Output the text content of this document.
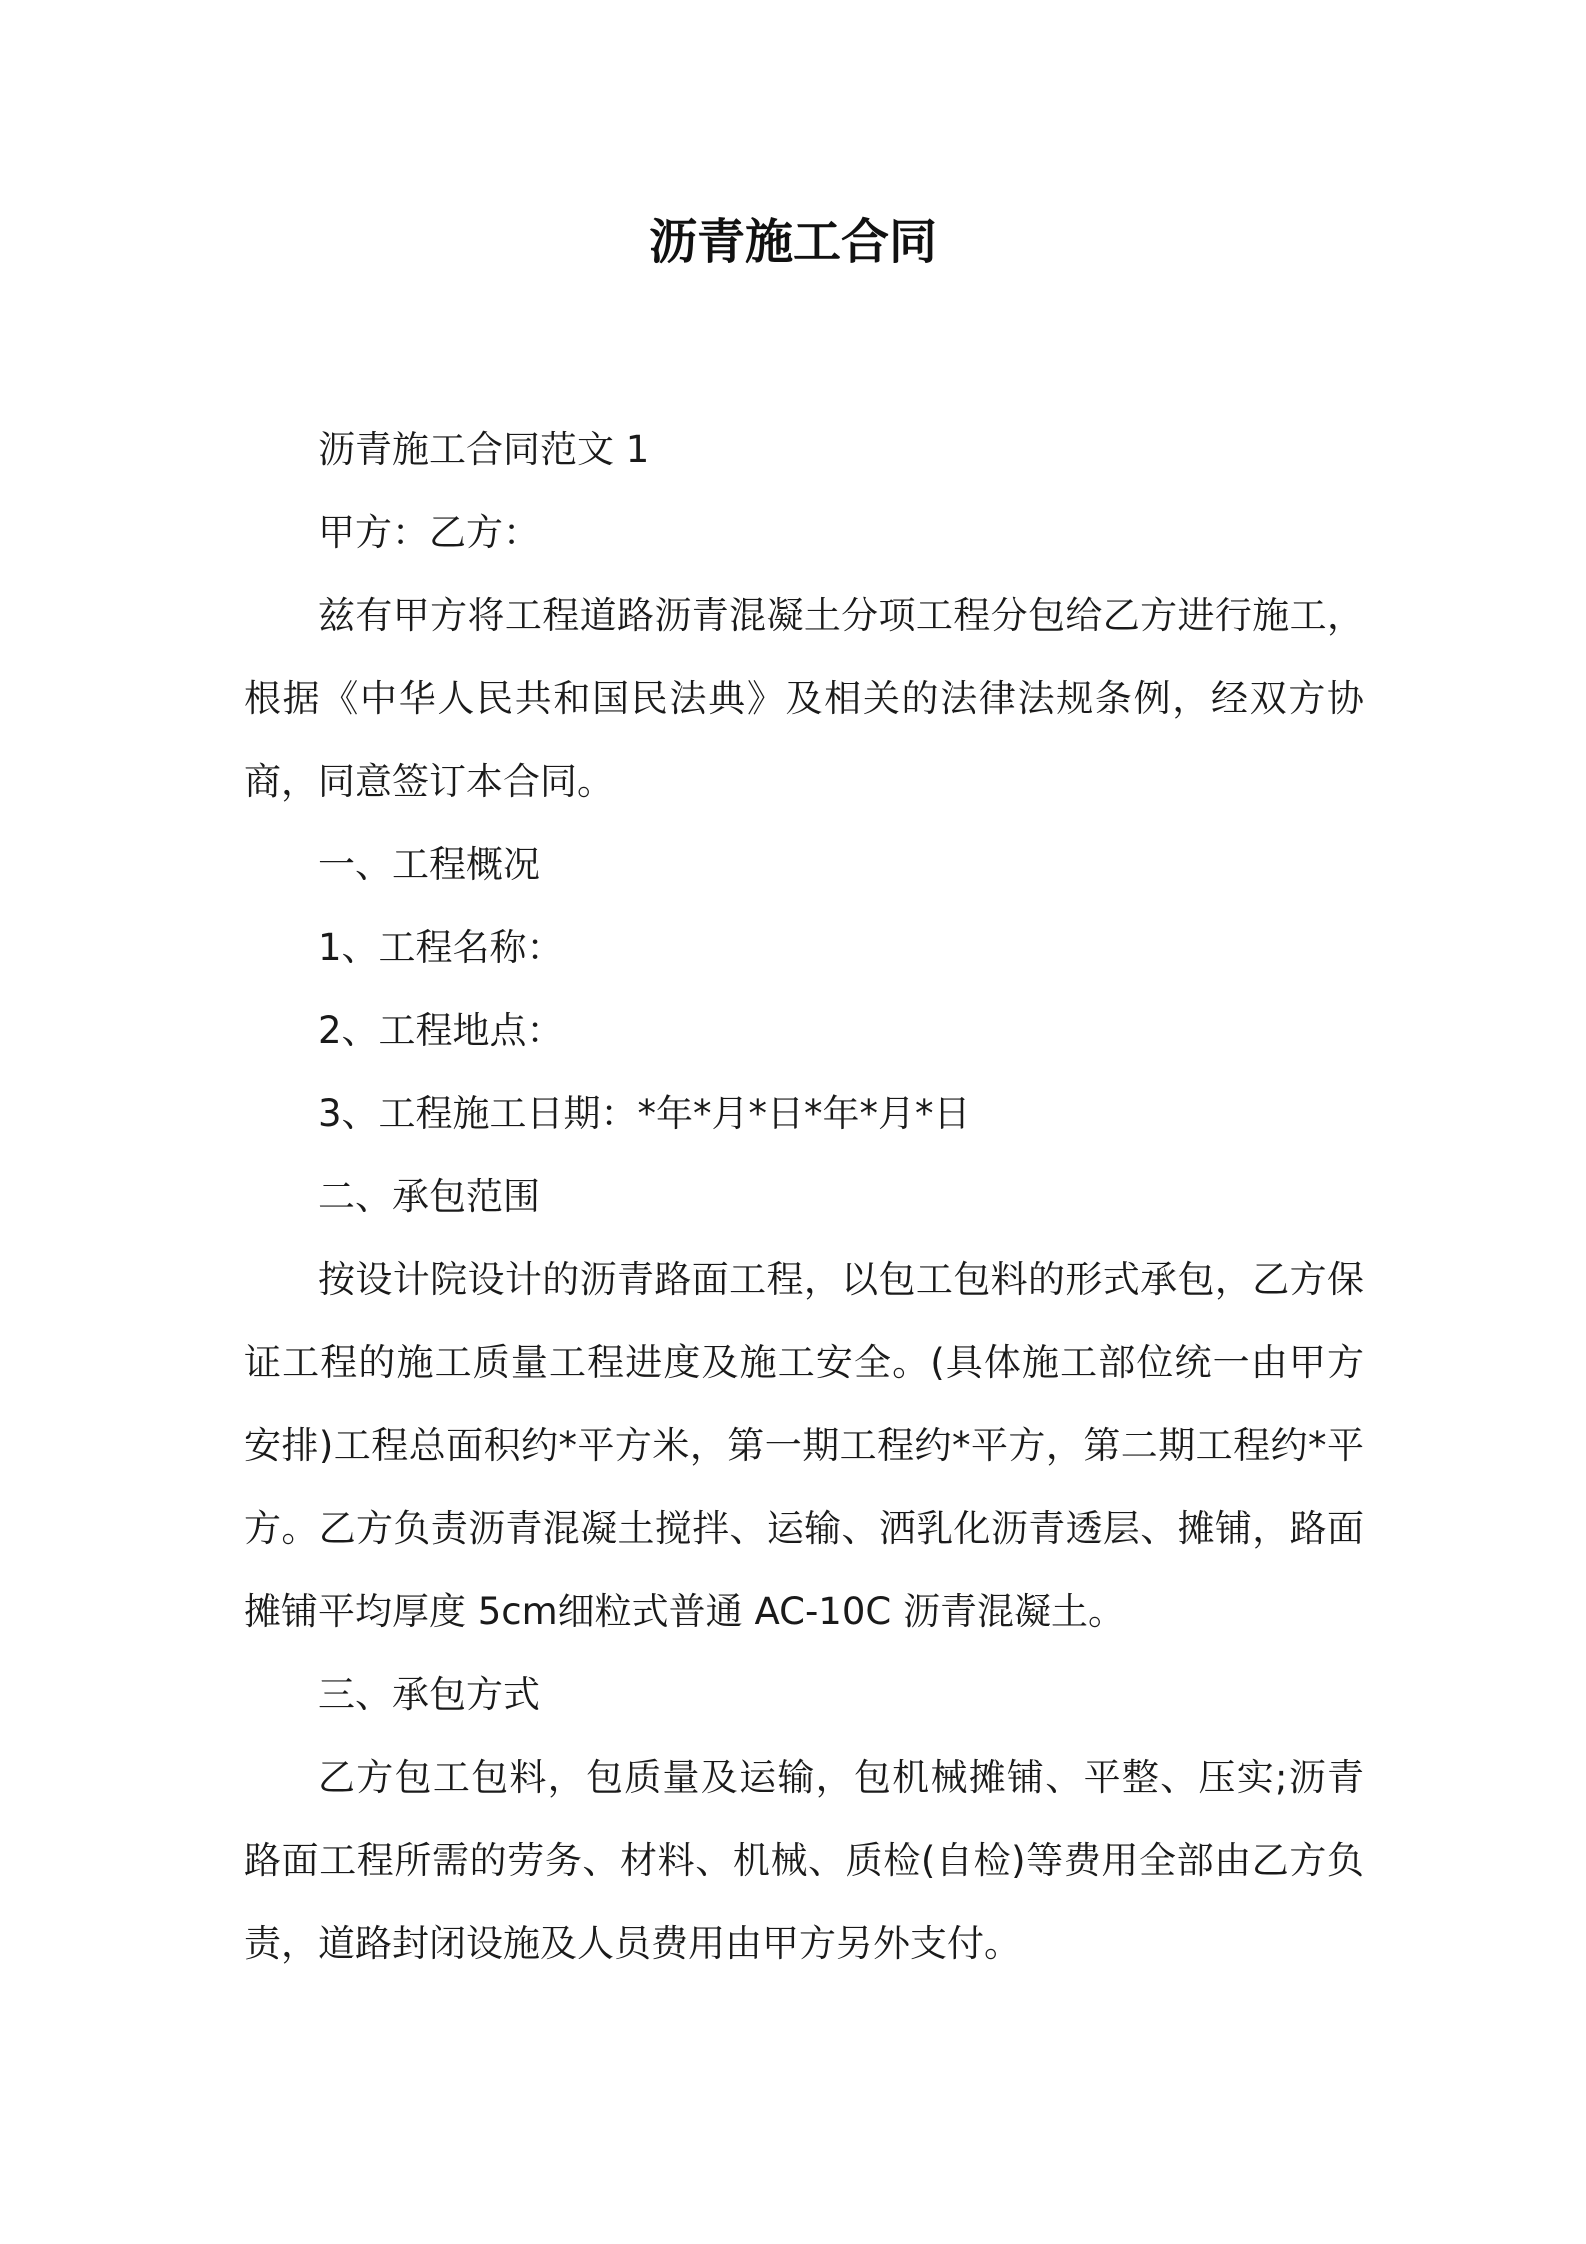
沥青施工合同

沥青施工合同范文 1

甲方：乙方：

兹有甲方将工程道路沥青混凝土分项工程分包给乙方进行施工，根据《中华人民共和国民法典》及相关的法律法规条例，经双方协商，同意签订本合同。

一、工程概况

1、工程名称：

2、工程地点：

3、工程施工日期：*年*月*日*年*月*日

二、承包范围

按设计院设计的沥青路面工程，以包工包料的形式承包，乙方保证工程的施工质量工程进度及施工安全。(具体施工部位统一由甲方安排)工程总面积约*平方米，第一期工程约*平方，第二期工程约*平方。乙方负责沥青混凝土搅拌、运输、洒乳化沥青透层、摊铺，路面摊铺平均厚度 5cm细粒式普通 AC-10C 沥青混凝土。

三、承包方式

乙方包工包料，包质量及运输，包机械摊铺、平整、压实;沥青路面工程所需的劳务、材料、机械、质检(自检)等费用全部由乙方负责，道路封闭设施及人员费用由甲方另外支付。
